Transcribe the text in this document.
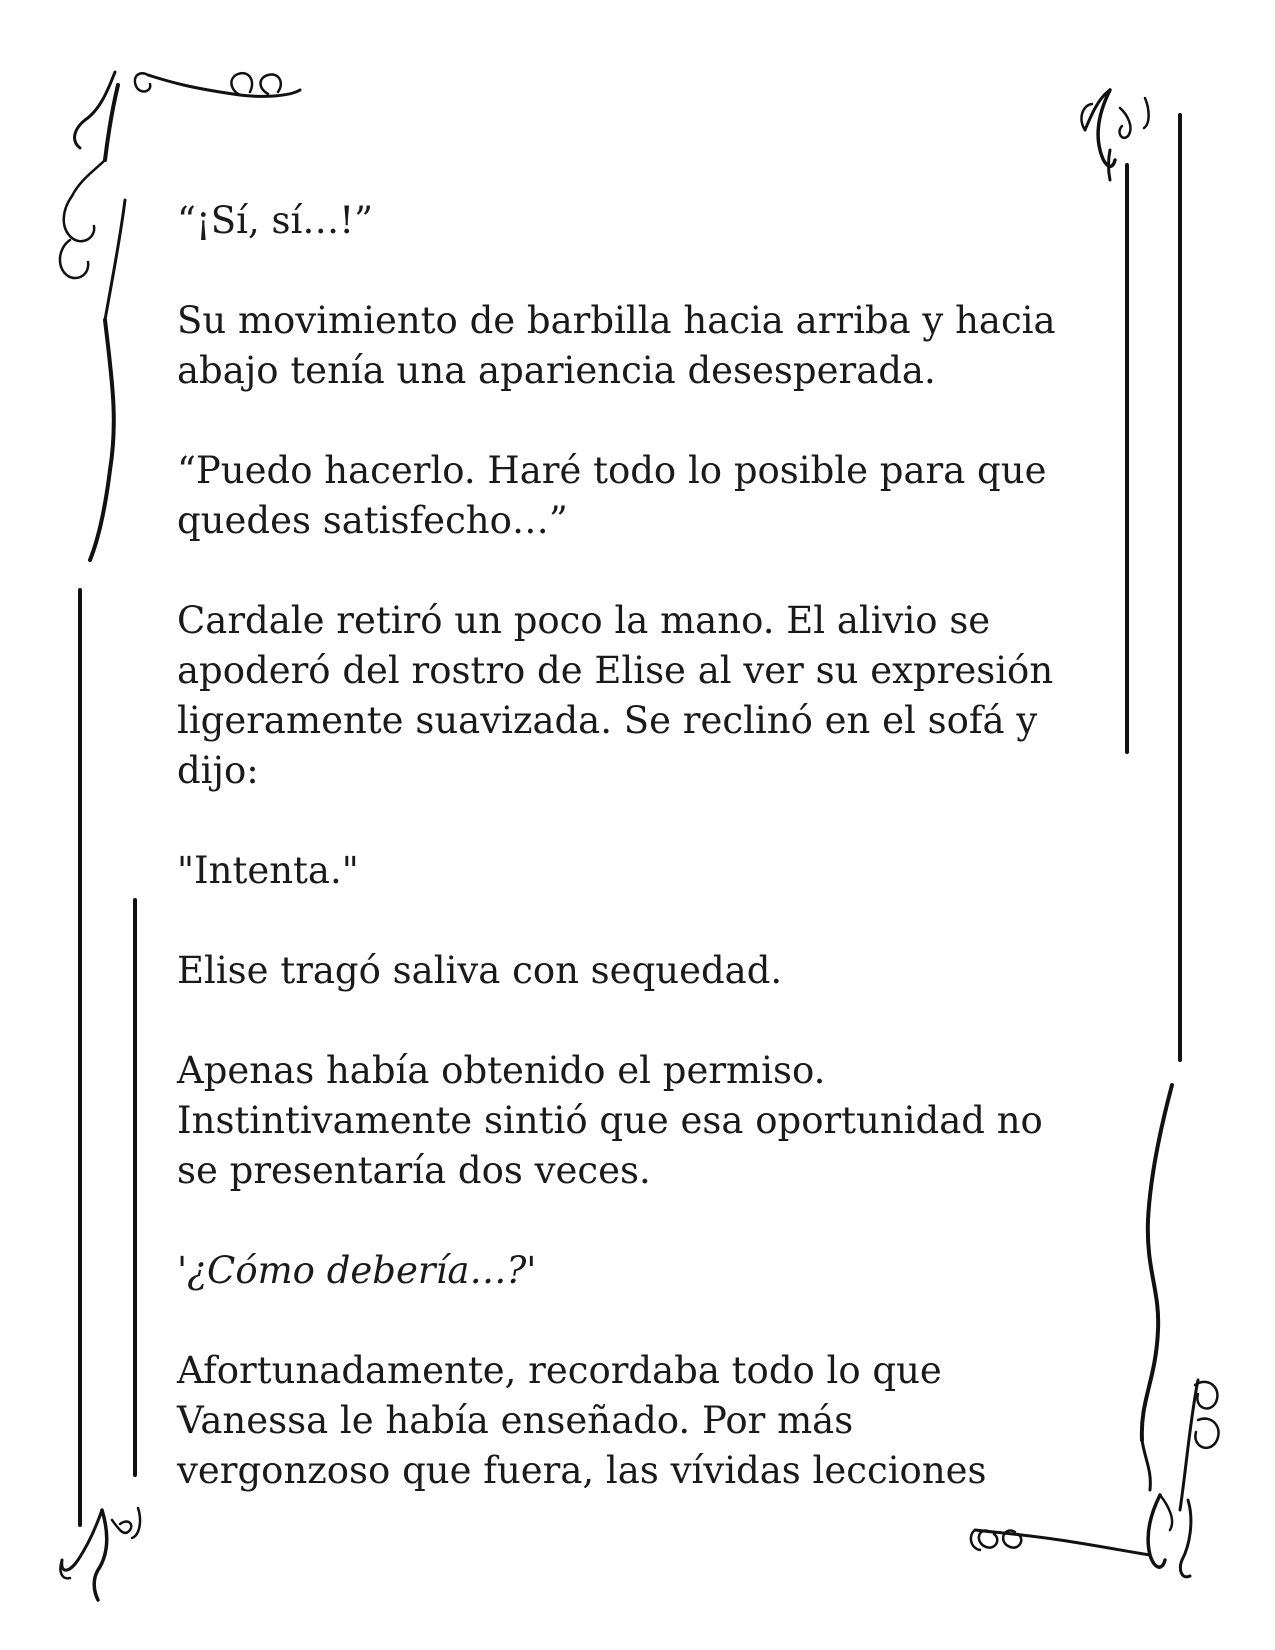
“¡Sí, sí…!”

Su movimiento de barbilla hacia arriba y hacia
abajo tenía una apariencia desesperada.

“Puedo hacerlo. Haré todo lo posible para que
quedes satisfecho…”

Cardale retiró un poco la mano. El alivio se
apoderó del rostro de Elise al ver su expresión
ligeramente suavizada. Se reclinó en el sofá y
dijo:

"Intenta."

Elise tragó saliva con sequedad.

Apenas había obtenido el permiso.
Instintivamente sintió que esa oportunidad no
se presentaría dos veces.

'¿Cómo debería…?'

Afortunadamente, recordaba todo lo que
Vanessa le había enseñado. Por más
vergonzoso que fuera, las vívidas lecciones
